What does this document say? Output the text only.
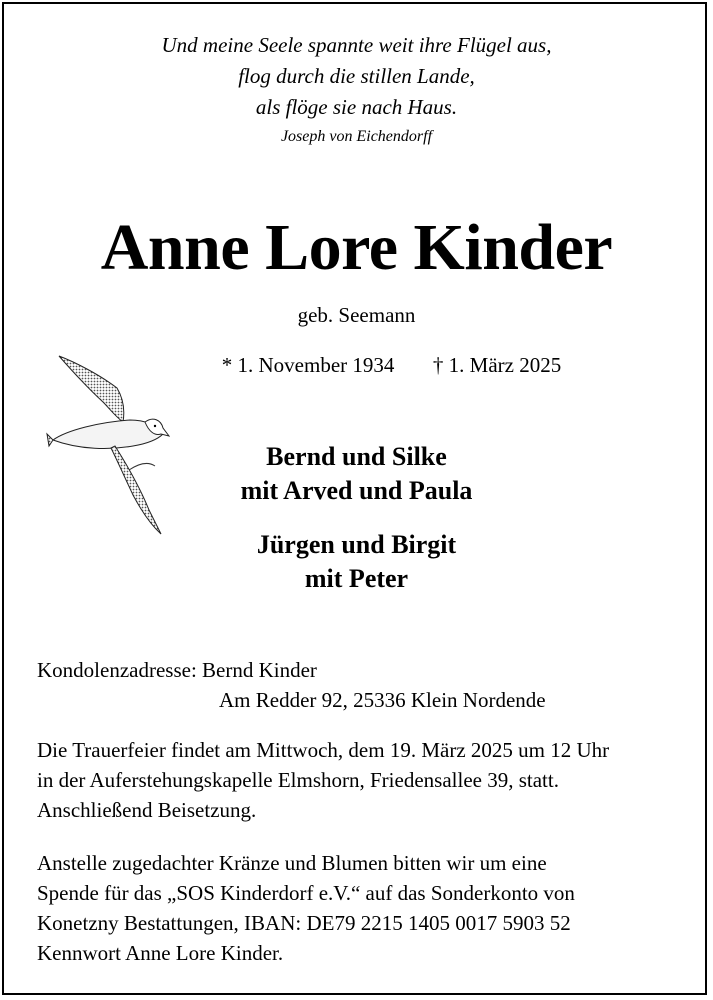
Und meine Seele spannte weit ihre Flügel aus,
flog durch die stillen Lande,
als flöge sie nach Haus.
Joseph von Eichendorff
Anne Lore Kinder
geb. Seemann
* 1. November 1934 † 1. März 2025
Bernd und Silke
mit Arved und Paula
Jürgen und Birgit
mit Peter
Kondolenzadresse: Bernd Kinder
Am Redder 92, 25336 Klein Nordende
Die Trauerfeier findet am Mittwoch, dem 19. März 2025 um 12 Uhr
in der Auferstehungskapelle Elmshorn, Friedensallee 39, statt.
Anschließend Beisetzung.
Anstelle zugedachter Kränze und Blumen bitten wir um eine
Spende für das „SOS Kinderdorf e.V.“ auf das Sonderkonto von
Konetzny Bestattungen, IBAN: DE79 2215 1405 0017 5903 52
Kennwort Anne Lore Kinder.
